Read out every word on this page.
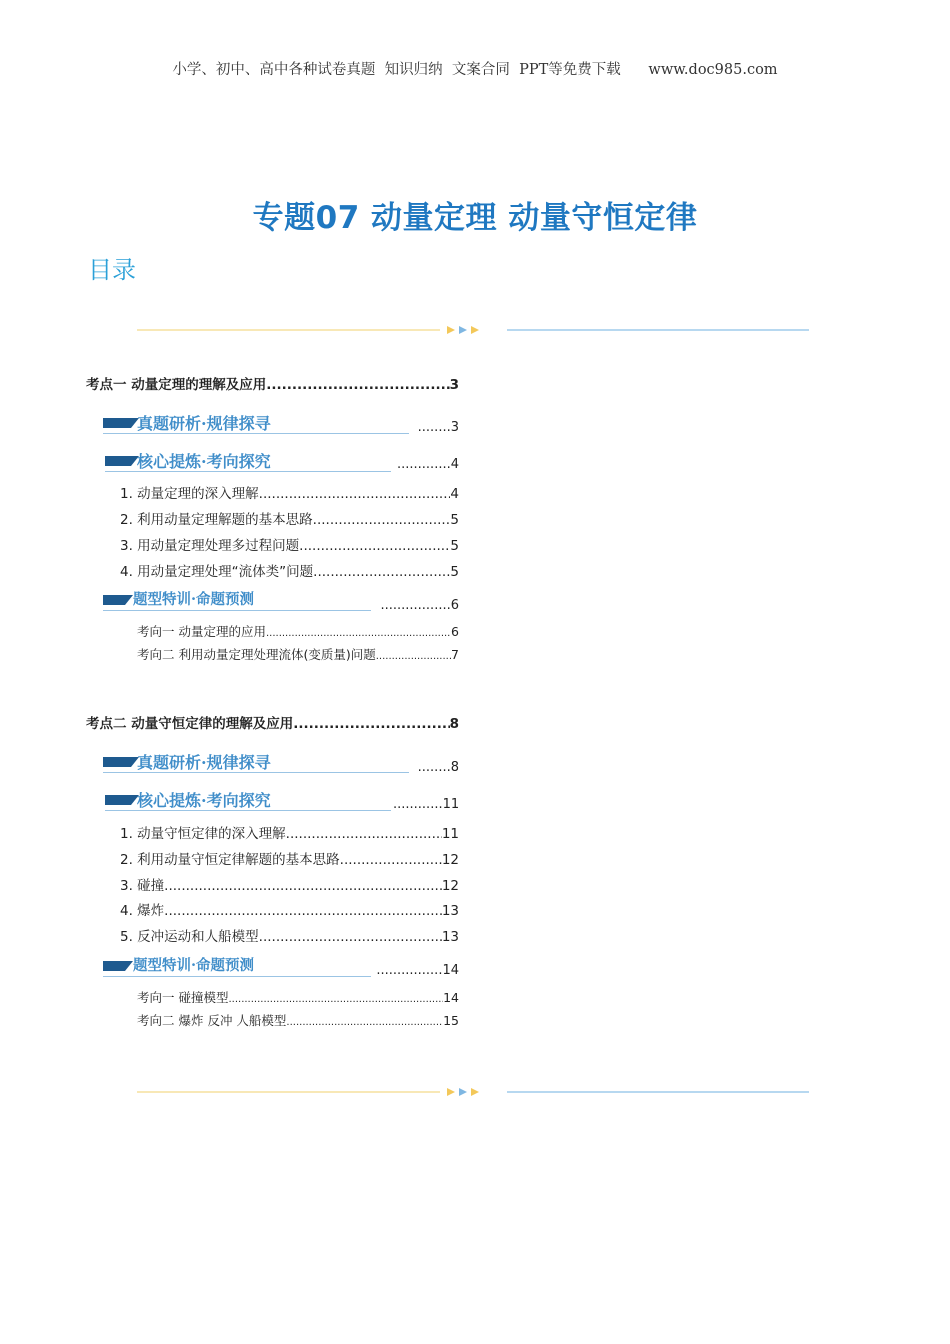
小学、初中、高中各种试卷真题  知识归纳  文案合同  PPT等免费下载      www.doc985.com
专题07 动量定理 动量守恒定律
目录
考点一 动量定理的理解及应用 .....	3
真题研析·规律探寻	........3
核心提炼·考向探究	.............4
1. 动量定理的深入理解 .....	4
2. 利用动量定理解题的基本思路 .....	5
3. 用动量定理处理多过程问题 .....	5
4. 用动量定理处理“流体类”问题 .....	5
题型特训·命题预测	.................6
考向一 动量定理的应用 .....	6
考向二 利用动量定理处理流体(变质量)问题 .....	7
考点二 动量守恒定律的理解及应用 .....	8
真题研析·规律探寻	........8
核心提炼·考向探究	............11
1. 动量守恒定律的深入理解 .....	11
2. 利用动量守恒定律解题的基本思路 .....	12
3. 碰撞 .....	12
4. 爆炸 .....	13
5. 反冲运动和人船模型 .....	13
题型特训·命题预测	................14
考向一 碰撞模型 .....	14
考向二 爆炸 反冲 人船模型 .....	15
